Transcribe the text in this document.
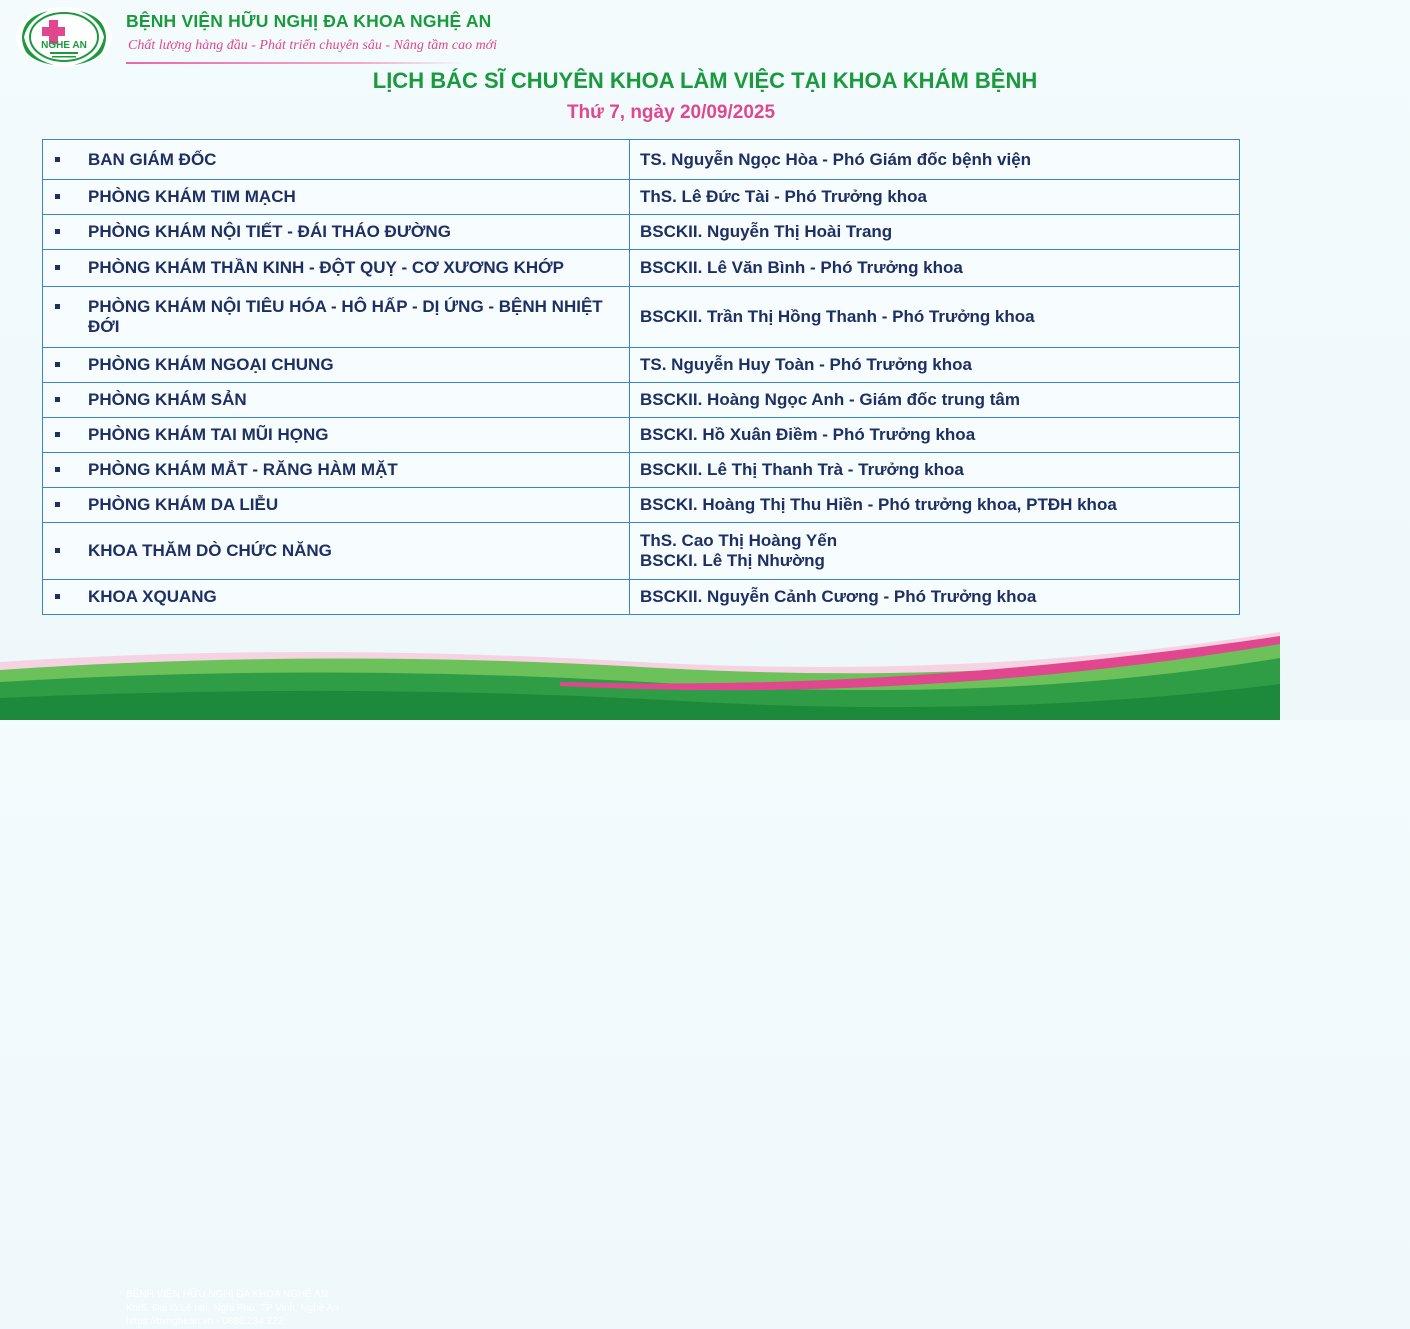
NGHE AN
BỆNH VIỆN HỮU NGHỊ ĐA KHOA NGHỆ AN
Chất lượng hàng đầu - Phát triển chuyên sâu - Nâng tầm cao mới
LỊCH BÁC SĨ CHUYÊN KHOA LÀM VIỆC TẠI KHOA KHÁM BỆNH
Thứ 7, ngày 20/09/2025
BAN GIÁM ĐỐC	TS. Nguyễn Ngọc Hòa - Phó Giám đốc bệnh viện

PHÒNG KHÁM TIM MẠCH	ThS. Lê Đức Tài - Phó Trưởng khoa

PHÒNG KHÁM NỘI TIẾT - ĐÁI THÁO ĐƯỜNG	BSCKII. Nguyễn Thị Hoài Trang

PHÒNG KHÁM THẦN KINH - ĐỘT QUỴ - CƠ XƯƠNG KHỚP	BSCKII. Lê Văn Bình - Phó Trưởng khoa

PHÒNG KHÁM NỘI TIÊU HÓA - HÔ HẤP - DỊ ỨNG - BỆNH NHIỆT ĐỚI	BSCKII. Trần Thị Hồng Thanh - Phó Trưởng khoa

PHÒNG KHÁM NGOẠI CHUNG	TS. Nguyễn Huy Toàn - Phó Trưởng khoa

PHÒNG KHÁM SẢN	BSCKII. Hoàng Ngọc Anh - Giám đốc trung tâm

PHÒNG KHÁM TAI MŨI HỌNG	BSCKI. Hồ Xuân Điềm - Phó Trưởng khoa

PHÒNG KHÁM MẮT - RĂNG HÀM MẶT	BSCKII. Lê Thị Thanh Trà - Trưởng khoa

PHÒNG KHÁM DA LIỄU	BSCKI. Hoàng Thị Thu Hiền - Phó trưởng khoa, PTĐH khoa

KHOA THĂM DÒ CHỨC NĂNG	ThS. Cao Thị Hoàng Yến
BSCKI. Lê Thị Nhường

KHOA XQUANG	BSCKII. Nguyễn Cảnh Cương - Phó Trưởng khoa
BỆNH VIỆN HỮU NGHỊ ĐA KHOA NGHỆ AN
Km5, Đại lộ Lê nin, Nghi Phú, TP Vinh, Nghệ An
https://bvnghean.vn - 0886.234.222
